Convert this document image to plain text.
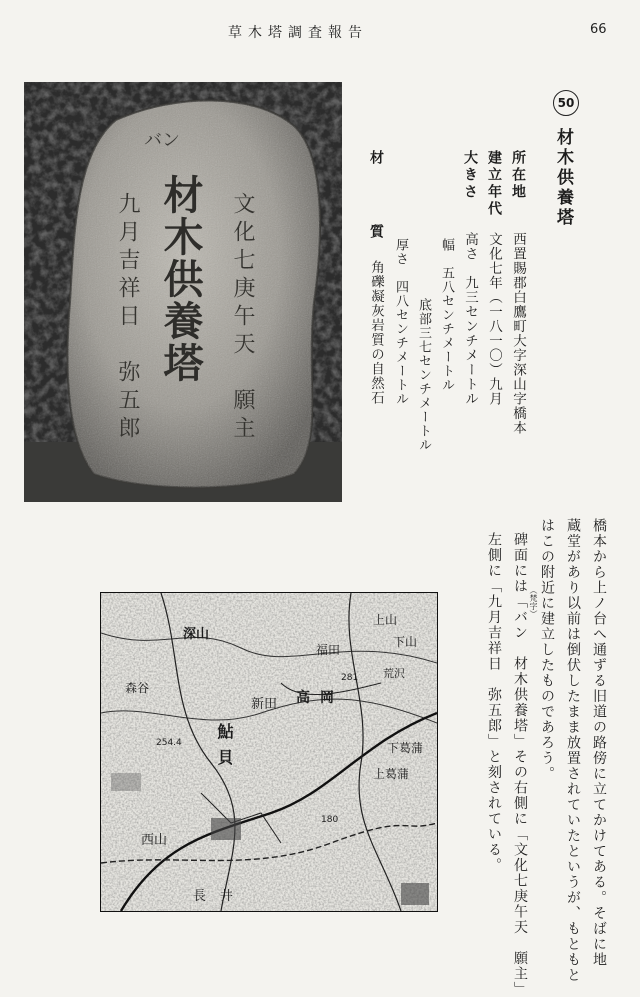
草木塔調査報告	66
材木供養塔 文化七庚午天　願主
九月吉祥日　弥五郎
バン
50
材木供養塔
所在地
西置賜郡白鷹町大字深山字橋本
建立年代
文化七年（一八一〇）九月
大きさ
高さ　九三センチメートル
幅　五八センチメートル
底部三七センチメートル
厚さ　四八センチメートル
材質
角礫凝灰岩質の自然石
深山
上山
下山
福田
高岡
森谷
新田
鮎貝
西山
長井
下葛蒲
上葛蒲
荒沢
281
180
254.4	橋本から上ノ台へ通ずる旧道の路傍に立てかけてある。そばに地
蔵堂があり以前は倒伏したまま放置されていたというが、もともと
はこの附近に建立したものであろう。
（梵字）
碑面には「バン　材木供養塔」その右側に「文化七庚午天　願主」
左側に「九月吉祥日　弥五郎」と刻されている。
